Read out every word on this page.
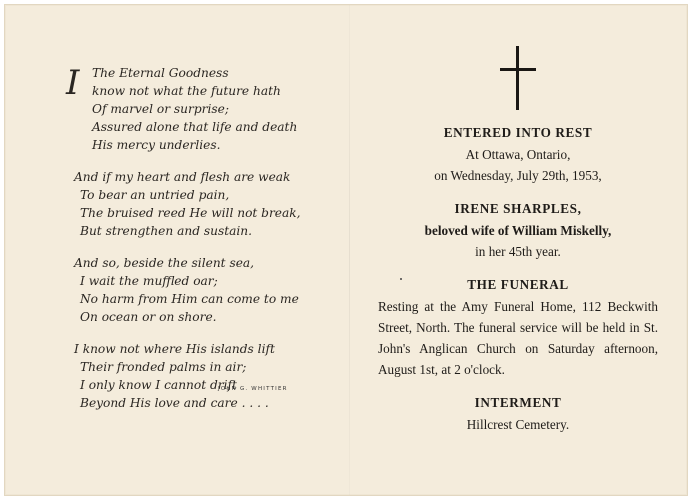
I	The Eternal Goodness
know not what the future hath
Of marvel or surprise;
Assured alone that life and death
His mercy underlies.
And if my heart and flesh are weak
To bear an untried pain,
The bruised reed He will not break,
But strengthen and sustain.
And so, beside the silent sea,
I wait the muffled oar;
No harm from Him can come to me
On ocean or on shore.
I know not where His islands lift
Their fronded palms in air;
I only know I cannot drift
Beyond His love and care . . . .
JOHN G. WHITTIER
ENTERED INTO REST
At Ottawa, Ontario,
on Wednesday, July 29th, 1953,
IRENE SHARPLES,
beloved wife of William Miskelly,
in her 45th year.
THE FUNERAL
Resting at the Amy Funeral Home, 112 Beckwith Street, North. The funeral service will be held in St. John's Anglican Church on Saturday afternoon, August 1st, at 2 o'clock.
INTERMENT
Hillcrest Cemetery.
